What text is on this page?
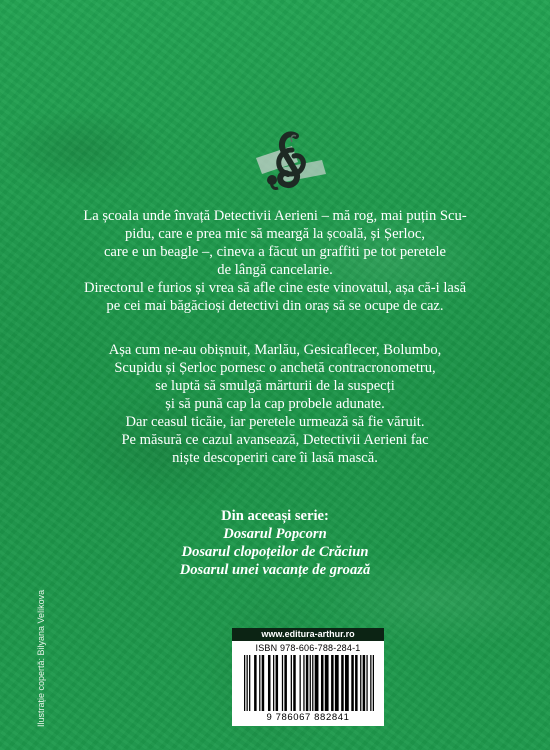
La școala unde învață Detectivii Aerieni – mă rog, mai puțin Scu-
pidu, care e prea mic să meargă la școală, și Șerloc,
care e un beagle –, cineva a făcut un graffiti pe tot peretele
de lângă cancelarie.
Directorul e furios și vrea să afle cine este vinovatul, așa că-i lasă
pe cei mai băgăcioși detectivi din oraș să se ocupe de caz.

Așa cum ne-au obișnuit, Marlău, Gesicaflecer, Bolumbo,
Scupidu și Șerloc pornesc o anchetă contracronometru,
se luptă să smulgă mărturii de la suspecți
și să pună cap la cap probele adunate.
Dar ceasul ticăie, iar peretele urmează să fie văruit.
Pe măsură ce cazul avansează, Detectivii Aerieni fac
niște descoperiri care îi lasă mască.

Din aceeași serie:
Dosarul Popcorn
Dosarul clopoțeilor de Crăciun
Dosarul unei vacanțe de groază
Ilustrație copertă: Bilyana Velikova	www.editura-arthur.ro
ISBN 978-606-788-284-1
9 786067 882841
